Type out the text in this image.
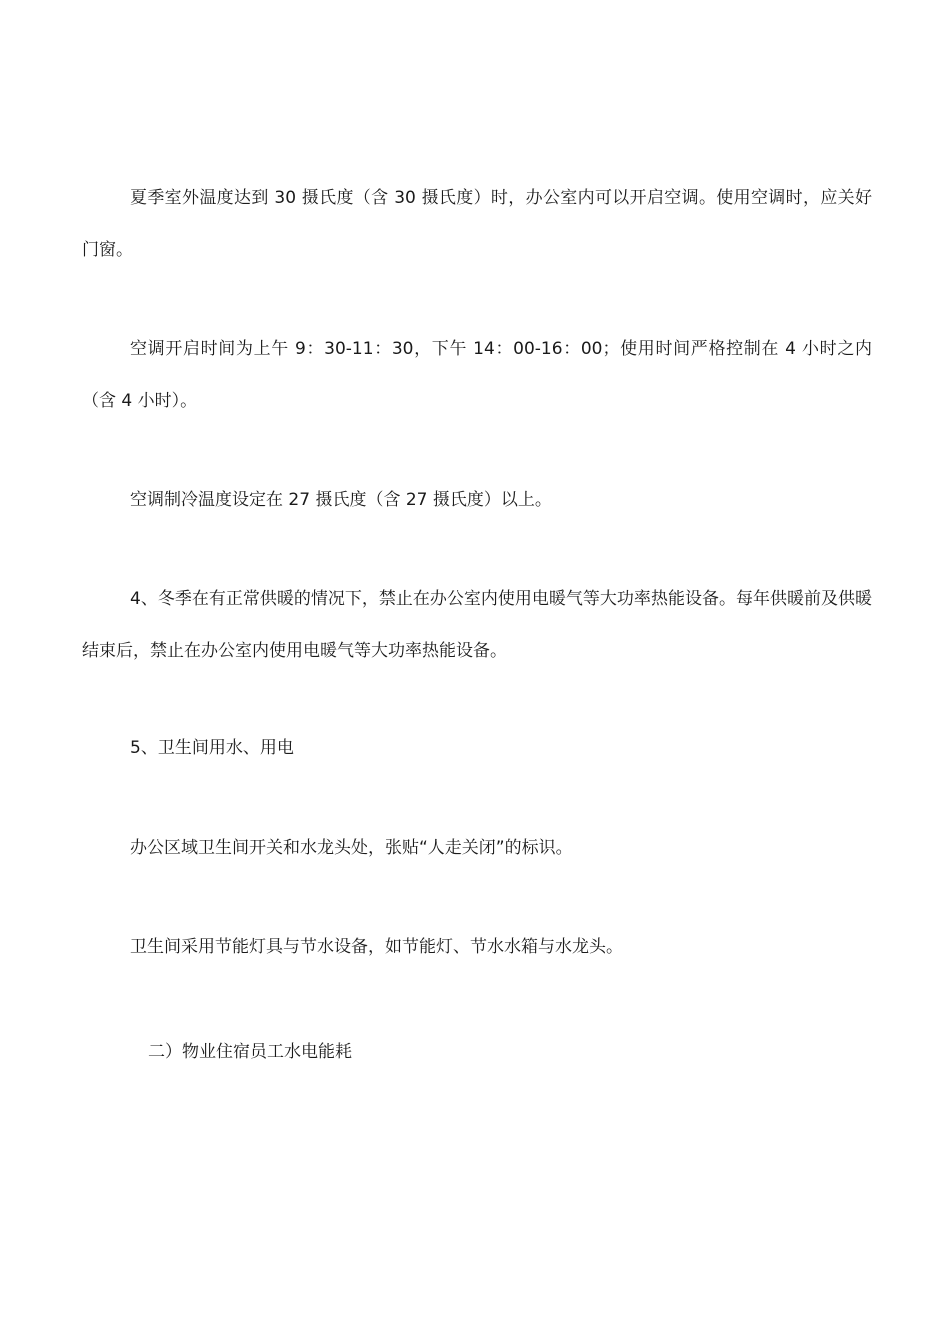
夏季室外温度达到 30 摄氏度（含 30 摄氏度）时，办公室内可以开启空调。使用空调时，应关好门窗。

空调开启时间为上午 9：30-11：30，下午 14：00-16：00；使用时间严格控制在 4 小时之内（含 4 小时）。

空调制冷温度设定在 27 摄氏度（含 27 摄氏度）以上。

4、冬季在有正常供暖的情况下，禁止在办公室内使用电暖气等大功率热能设备。每年供暖前及供暖结束后，禁止在办公室内使用电暖气等大功率热能设备。

5、卫生间用水、用电

办公区域卫生间开关和水龙头处，张贴“人走关闭”的标识。

卫生间采用节能灯具与节水设备，如节能灯、节水水箱与水龙头。

二）物业住宿员工水电能耗
